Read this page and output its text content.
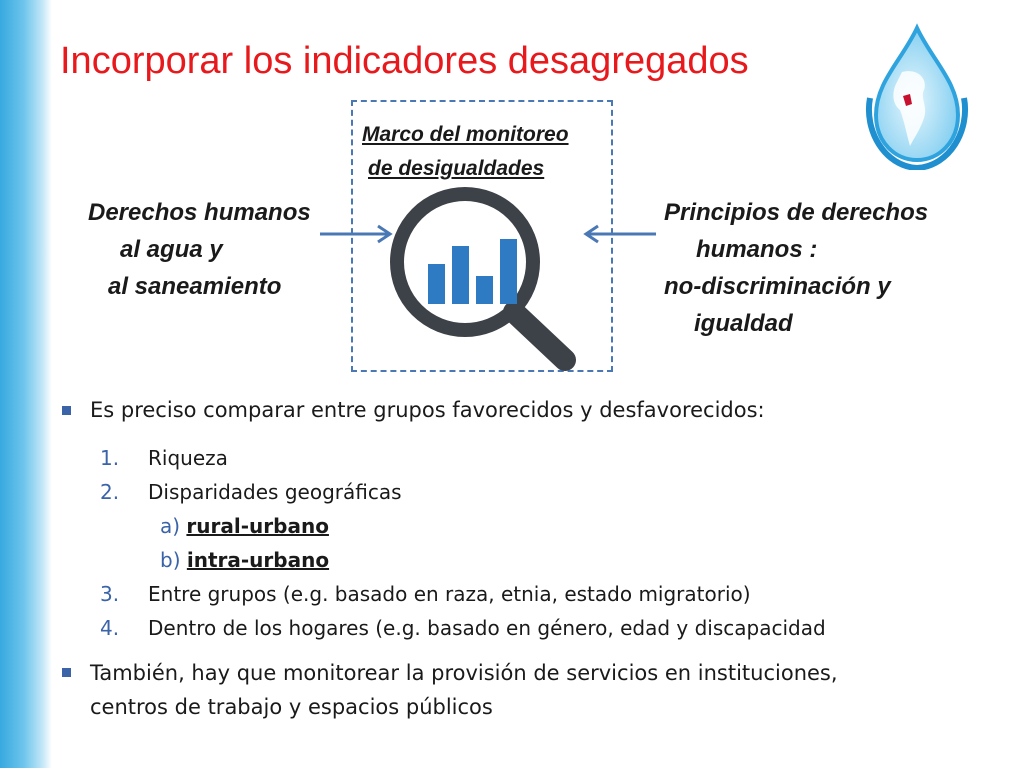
Incorporar los indicadores desagregados
Marco del monitoreo
de desigualdades
Derechos humanos
al agua y
al saneamiento
Principios de derechos
humanos :
no-discriminación y
igualdad
Es preciso comparar entre grupos favorecidos y desfavorecidos:
1. Riqueza
2. Disparidades geográficas
a) rural-urbano
b) intra-urbano
3. Entre grupos (e.g. basado en raza, etnia, estado migratorio)
4. Dentro de los hogares (e.g. basado en género, edad y discapacidad
También, hay que monitorear la provisión de servicios en instituciones,
centros de trabajo y espacios públicos
